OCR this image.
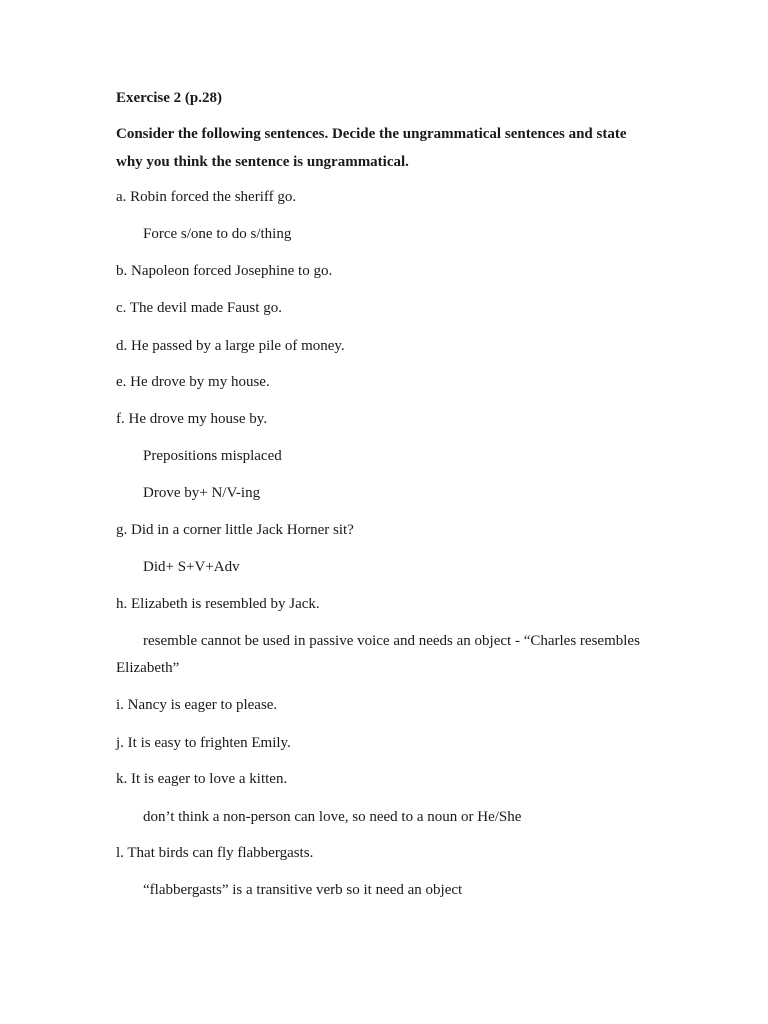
Exercise 2 (p.28)
Consider the following sentences. Decide the ungrammatical sentences and state
why you think the sentence is ungrammatical.
a. Robin forced the sheriff go.
Force s/one to do s/thing
b. Napoleon forced Josephine to go.
c. The devil made Faust go.
d. He passed by a large pile of money.
e. He drove by my house.
f. He drove my house by.
Prepositions misplaced
Drove by+ N/V-ing
g. Did in a corner little Jack Horner sit?
Did+ S+V+Adv
h. Elizabeth is resembled by Jack.
resemble cannot be used in passive voice and needs an object - “Charles resembles
Elizabeth”
i. Nancy is eager to please.
j. It is easy to frighten Emily.
k. It is eager to love a kitten.
don’t think a non-person can love, so need to a noun or He/She
l. That birds can fly flabbergasts.
“flabbergasts” is a transitive verb so it need an object
